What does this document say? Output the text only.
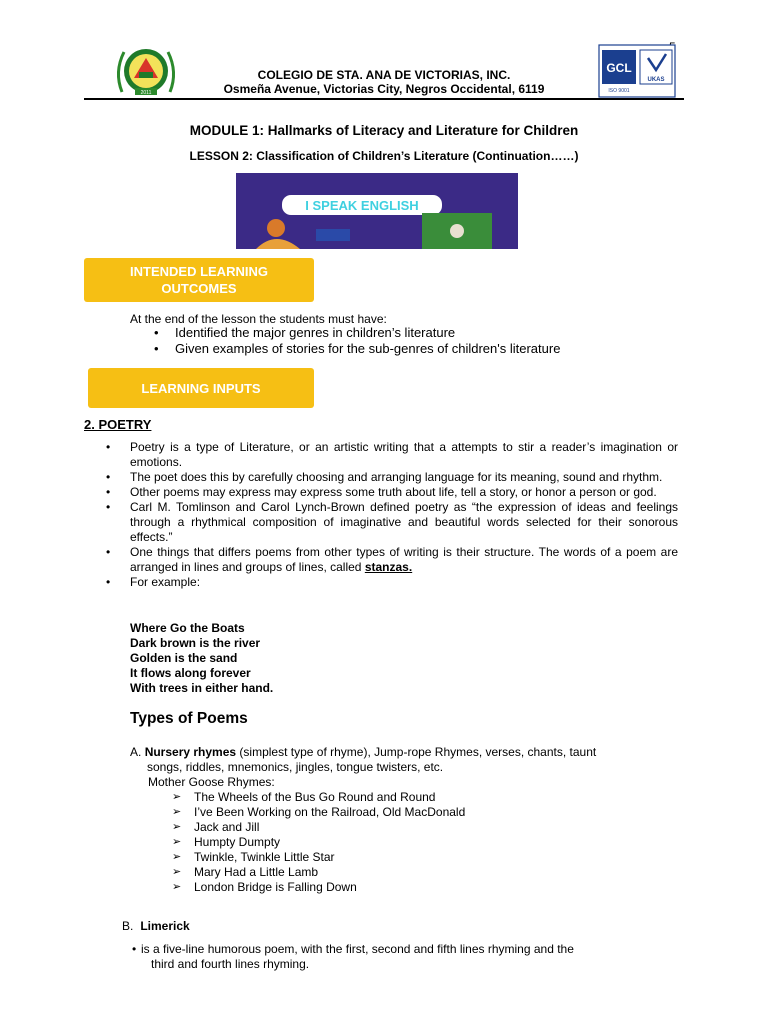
2011
COLEGIO DE STA. ANA DE VICTORIAS, INC.
Osmeña Avenue, Victorias City, Negros Occidental, 6119
GCL
UKAS
ISO 9001
MODULE 1: Hallmarks of Literacy and Literature for Children
LESSON 2: Classification of Children’s Literature (Continuation……)
I SPEAK ENGLISH
INTENDED LEARNING
OUTCOMES
At the end of the lesson the students must have:
• Identified the major genres in children’s literature
• Given examples of stories for the sub-genres of children's literature
LEARNING INPUTS
2. POETRY
• Poetry is a type of Literature, or an artistic writing that a attempts to stir a reader’s imagination or emotions.
• The poet does this by carefully choosing and arranging language for its meaning, sound and rhythm.
• Other poems may express may express some truth about life, tell a story, or honor a person or god.
• Carl M. Tomlinson and Carol Lynch-Brown defined poetry as “the expression of ideas and feelings through a rhythmical composition of imaginative and beautiful words selected for their sonorous effects.”
• One things that differs poems from other types of writing is their structure. The words of a poem are arranged in lines and groups of lines, called stanzas.
• For example:
Where Go the Boats
Dark brown is the river
Golden is the sand
It flows along forever
With trees in either hand.
Types of Poems
A. Nursery rhymes (simplest type of rhyme), Jump-rope Rhymes, verses, chants, taunt
songs, riddles, mnemonics, jingles, tongue twisters, etc.
Mother Goose Rhymes:
➢ The Wheels of the Bus Go Round and Round
➢ I’ve Been Working on the Railroad, Old MacDonald
➢ Jack and Jill
➢ Humpty Dumpty
➢ Twinkle, Twinkle Little Star
➢ Mary Had a Little Lamb
➢ London Bridge is Falling Down
B. Limerick
• is a five-line humorous poem, with the first, second and fifth lines rhyming and the
third and fourth lines rhyming.
